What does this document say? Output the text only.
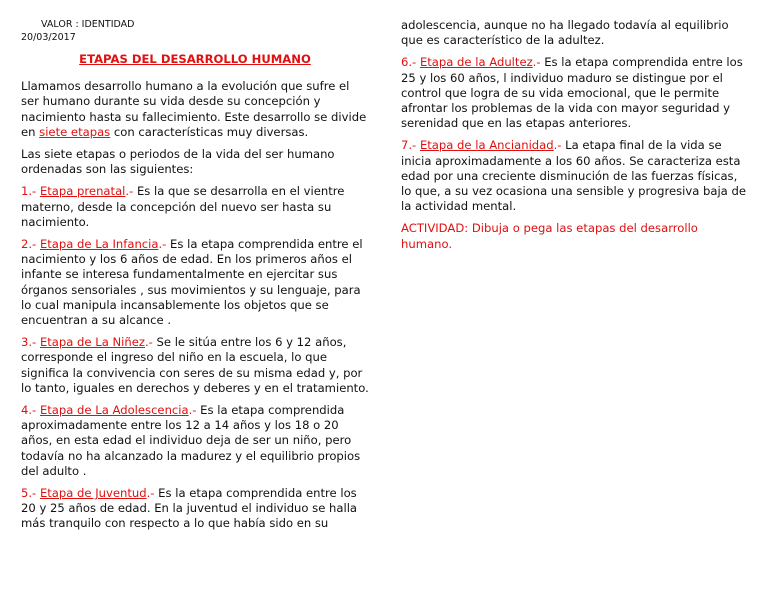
VALOR : IDENTIDAD
20/03/2017
ETAPAS DEL DESARROLLO HUMANO

Llamamos desarrollo humano a la evolución que sufre el ser humano durante su vida desde su concepción y nacimiento hasta su fallecimiento. Este desarrollo se divide en siete etapas con características muy diversas.

Las siete etapas o periodos de la vida del ser humano ordenadas son las siguientes:

1.- Etapa prenatal.- Es la que se desarrolla en el vientre materno, desde la concepción del nuevo ser hasta su nacimiento.

2.- Etapa de La Infancia.- Es la etapa comprendida entre el nacimiento y los 6 años de edad. En los primeros años el infante se interesa fundamentalmente en ejercitar sus órganos sensoriales , sus movimientos y su lenguaje, para lo cual manipula incansablemente los objetos que se encuentran a su alcance .

3.- Etapa de La Niñez.- Se le sitúa entre los 6 y 12 años, corresponde el ingreso del niño en la escuela, lo que significa la convivencia con seres de su misma edad y, por lo tanto, iguales en derechos y deberes y en el tratamiento.

4.- Etapa de La Adolescencia.- Es la etapa comprendida aproximadamente entre los 12 a 14 años y los 18 o 20 años, en esta edad el individuo deja de ser un niño, pero todavía no ha alcanzado la madurez y el equilibrio propios del adulto .

5.- Etapa de Juventud.- Es la etapa comprendida entre los 20 y 25 años de edad. En la juventud el individuo se halla más tranquilo con respecto a lo que había sido en su

adolescencia, aunque no ha llegado todavía al equilibrio que es característico de la adultez.

6.- Etapa de la Adultez.- Es la etapa comprendida entre los 25 y los 60 años, l individuo maduro se distingue por el control que logra de su vida emocional, que le permite afrontar los problemas de la vida con mayor seguridad y serenidad que en las etapas anteriores.

7.- Etapa de la Ancianidad.- La etapa final de la vida se inicia aproximadamente a los 60 años. Se caracteriza esta edad por una creciente disminución de las fuerzas físicas, lo que, a su vez ocasiona una sensible y progresiva baja de la actividad mental.

ACTIVIDAD: Dibuja o pega las etapas del desarrollo humano.
